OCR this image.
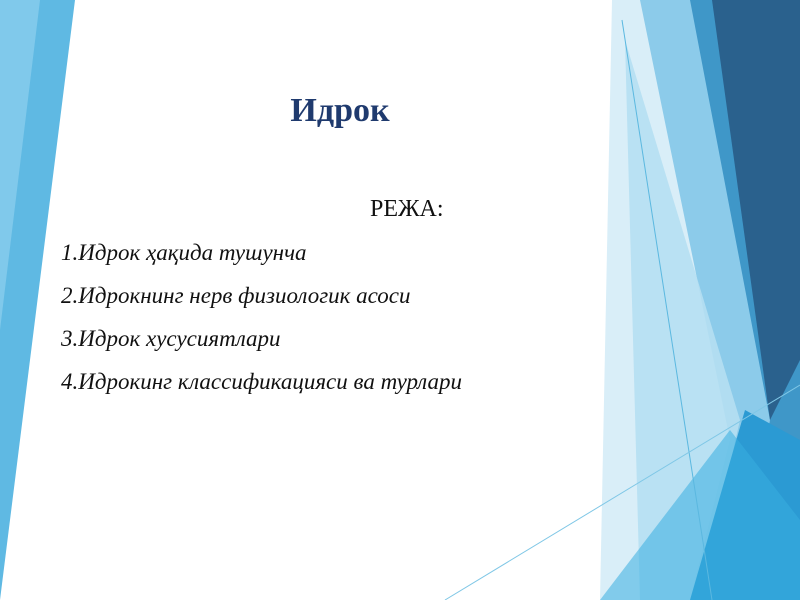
Идрок
РЕЖА:
1.Идрок ҳақида тушунча
2.Идрокнинг нерв физиологик асоси
3.Идрок хусусиятлари
4.Идрокинг классификацияси ва турлари
